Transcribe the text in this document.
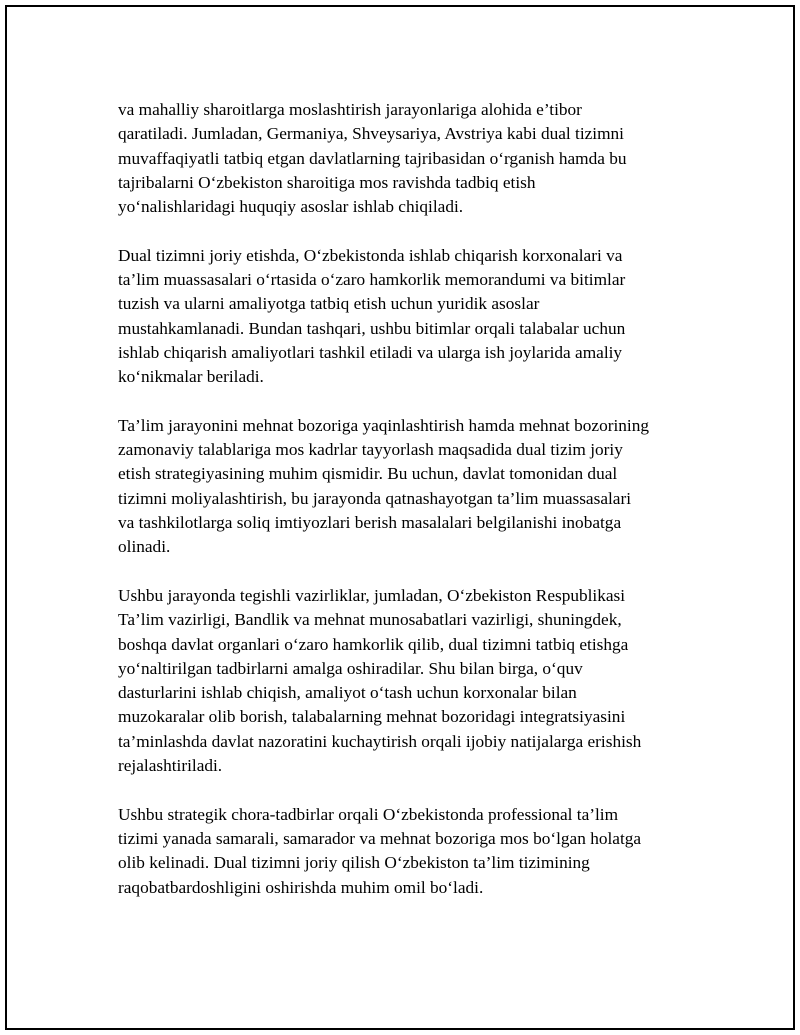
va mahalliy sharoitlarga moslashtirish jarayonlariga alohida e’tibor
qaratiladi. Jumladan, Germaniya, Shveysariya, Avstriya kabi dual tizimni
muvaffaqiyatli tatbiq etgan davlatlarning tajribasidan o‘rganish hamda bu
tajribalarni O‘zbekiston sharoitiga mos ravishda tadbiq etish
yo‘nalishlaridagi huquqiy asoslar ishlab chiqiladi.

Dual tizimni joriy etishda, O‘zbekistonda ishlab chiqarish korxonalari va
ta’lim muassasalari o‘rtasida o‘zaro hamkorlik memorandumi va bitimlar
tuzish va ularni amaliyotga tatbiq etish uchun yuridik asoslar
mustahkamlanadi. Bundan tashqari, ushbu bitimlar orqali talabalar uchun
ishlab chiqarish amaliyotlari tashkil etiladi va ularga ish joylarida amaliy
ko‘nikmalar beriladi.

Ta’lim jarayonini mehnat bozoriga yaqinlashtirish hamda mehnat bozorining
zamonaviy talablariga mos kadrlar tayyorlash maqsadida dual tizim joriy
etish strategiyasining muhim qismidir. Bu uchun, davlat tomonidan dual
tizimni moliyalashtirish, bu jarayonda qatnashayotgan ta’lim muassasalari
va tashkilotlarga soliq imtiyozlari berish masalalari belgilanishi inobatga
olinadi.

Ushbu jarayonda tegishli vazirliklar, jumladan, O‘zbekiston Respublikasi
Ta’lim vazirligi, Bandlik va mehnat munosabatlari vazirligi, shuningdek,
boshqa davlat organlari o‘zaro hamkorlik qilib, dual tizimni tatbiq etishga
yo‘naltirilgan tadbirlarni amalga oshiradilar. Shu bilan birga, o‘quv
dasturlarini ishlab chiqish, amaliyot o‘tash uchun korxonalar bilan
muzokaralar olib borish, talabalarning mehnat bozoridagi integratsiyasini
ta’minlashda davlat nazoratini kuchaytirish orqali ijobiy natijalarga erishish
rejalashtiriladi.

Ushbu strategik chora-tadbirlar orqali O‘zbekistonda professional ta’lim
tizimi yanada samarali, samarador va mehnat bozoriga mos bo‘lgan holatga
olib kelinadi. Dual tizimni joriy qilish O‘zbekiston ta’lim tizimining
raqobatbardoshligini oshirishda muhim omil bo‘ladi.
